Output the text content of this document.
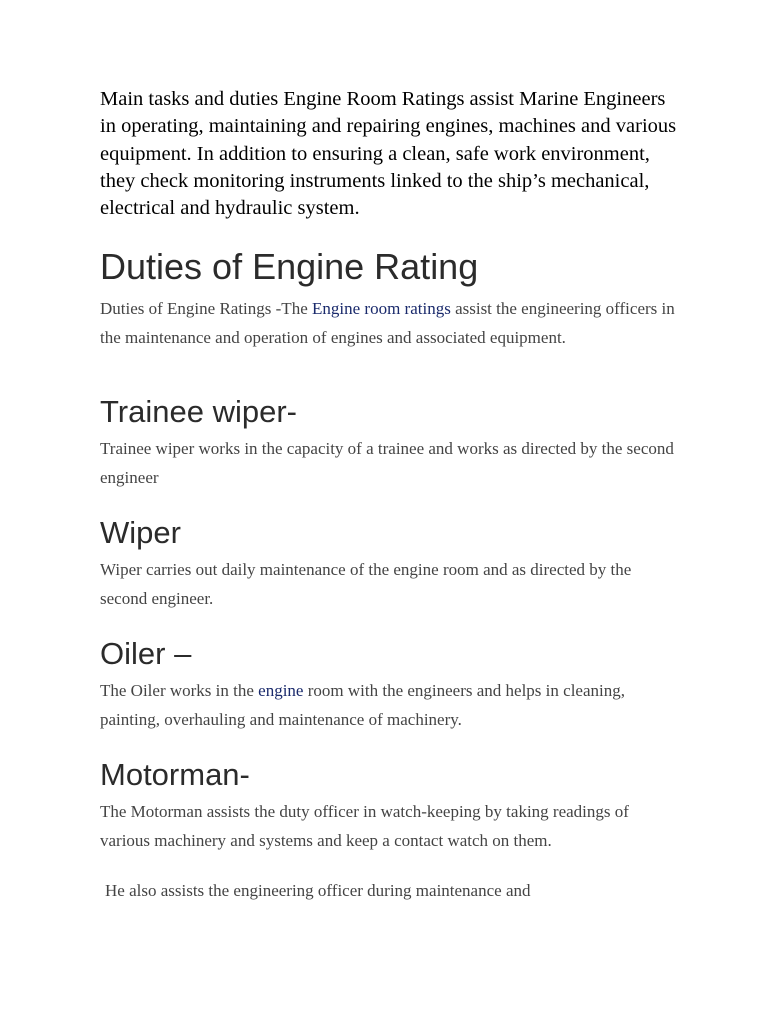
Main tasks and duties Engine Room Ratings assist Marine Engineers in operating, maintaining and repairing engines, machines and various equipment. In addition to ensuring a clean, safe work environment, they check monitoring instruments linked to the ship’s mechanical, electrical and hydraulic system.

Duties of Engine Rating

Duties of Engine Ratings -The Engine room ratings assist the engineering officers in the maintenance and operation of engines and associated equipment.

Trainee wiper-

Trainee wiper works in the capacity of a trainee and works as directed by the second engineer

Wiper

Wiper carries out daily maintenance of the engine room and as directed by the second engineer.

Oiler –

The Oiler works in the engine room with the engineers and helps in cleaning, painting, overhauling and maintenance of machinery.

Motorman-

The Motorman assists the duty officer in watch-keeping by taking readings of various machinery and systems and keep a contact watch on them.

He also assists the engineering officer during maintenance and
